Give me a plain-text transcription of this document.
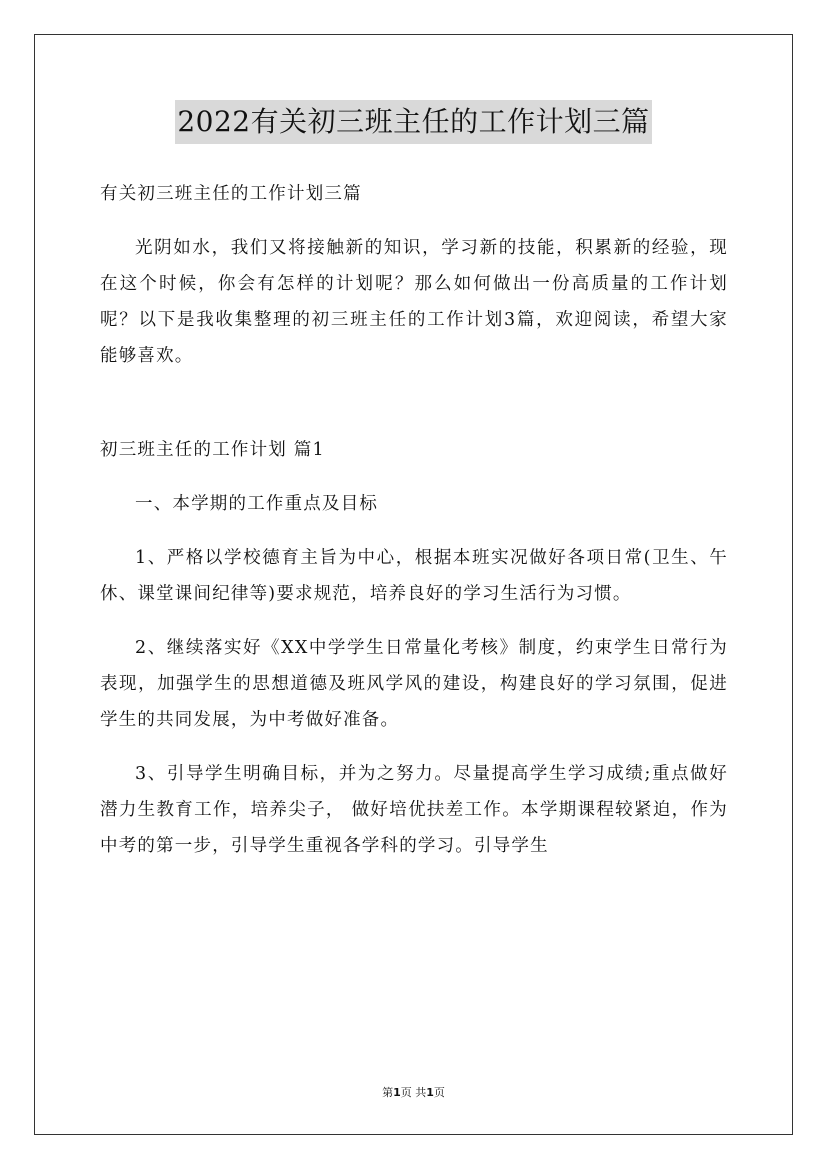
2022有关初三班主任的工作计划三篇

有关初三班主任的工作计划三篇

光阴如水，我们又将接触新的知识，学习新的技能，积累新的经验，现在这个时候，你会有怎样的计划呢？那么如何做出一份高质量的工作计划呢？以下是我收集整理的初三班主任的工作计划3篇，欢迎阅读，希望大家能够喜欢。

初三班主任的工作计划 篇1

一、本学期的工作重点及目标

1、严格以学校德育主旨为中心，根据本班实况做好各项日常(卫生、午休、课堂课间纪律等)要求规范，培养良好的学习生活行为习惯。

2、继续落实好《XX中学学生日常量化考核》制度，约束学生日常行为表现，加强学生的思想道德及班风学风的建设，构建良好的学习氛围，促进学生的共同发展，为中考做好准备。

3、引导学生明确目标，并为之努力。尽量提高学生学习成绩;重点做好潜力生教育工作，培养尖子， 做好培优扶差工作。本学期课程较紧迫，作为中考的第一步，引导学生重视各学科的学习。引导学生

第1页 共1页
